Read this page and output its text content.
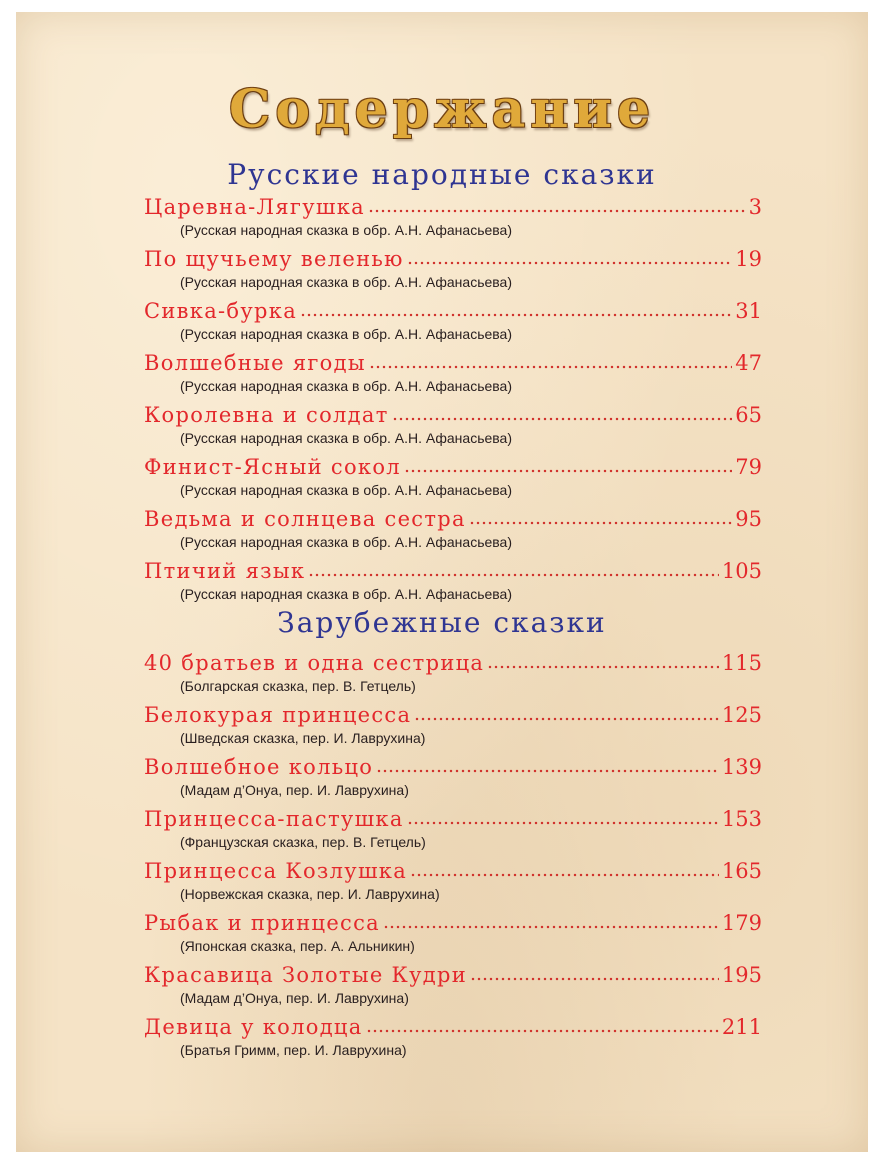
Содержание
Русские народные сказки
Царевна-Лягушка	3
(Русская народная сказка в обр. А.Н. Афанасьева)
По щучьему веленью	19
(Русская народная сказка в обр. А.Н. Афанасьева)
Сивка-бурка	31
(Русская народная сказка в обр. А.Н. Афанасьева)
Волшебные ягоды	47
(Русская народная сказка в обр. А.Н. Афанасьева)
Королевна и солдат	65
(Русская народная сказка в обр. А.Н. Афанасьева)
Финист-Ясный сокол	79
(Русская народная сказка в обр. А.Н. Афанасьева)
Ведьма и солнцева сестра	95
(Русская народная сказка в обр. А.Н. Афанасьева)
Птичий язык	105
(Русская народная сказка в обр. А.Н. Афанасьева)
Зарубежные сказки
40 братьев и одна сестрица	115
(Болгарская сказка, пер. В. Гетцель)
Белокурая принцесса	125
(Шведская сказка, пер. И. Лаврухина)
Волшебное кольцо	139
(Мадам д’Онуа, пер. И. Лаврухина)
Принцесса-пастушка	153
(Французская сказка, пер. В. Гетцель)
Принцесса Козлушка	165
(Норвежская сказка, пер. И. Лаврухина)
Рыбак и принцесса	179
(Японская сказка, пер. А. Альникин)
Красавица Золотые Кудри	195
(Мадам д’Онуа, пер. И. Лаврухина)
Девица у колодца	211
(Братья Гримм, пер. И. Лаврухина)
